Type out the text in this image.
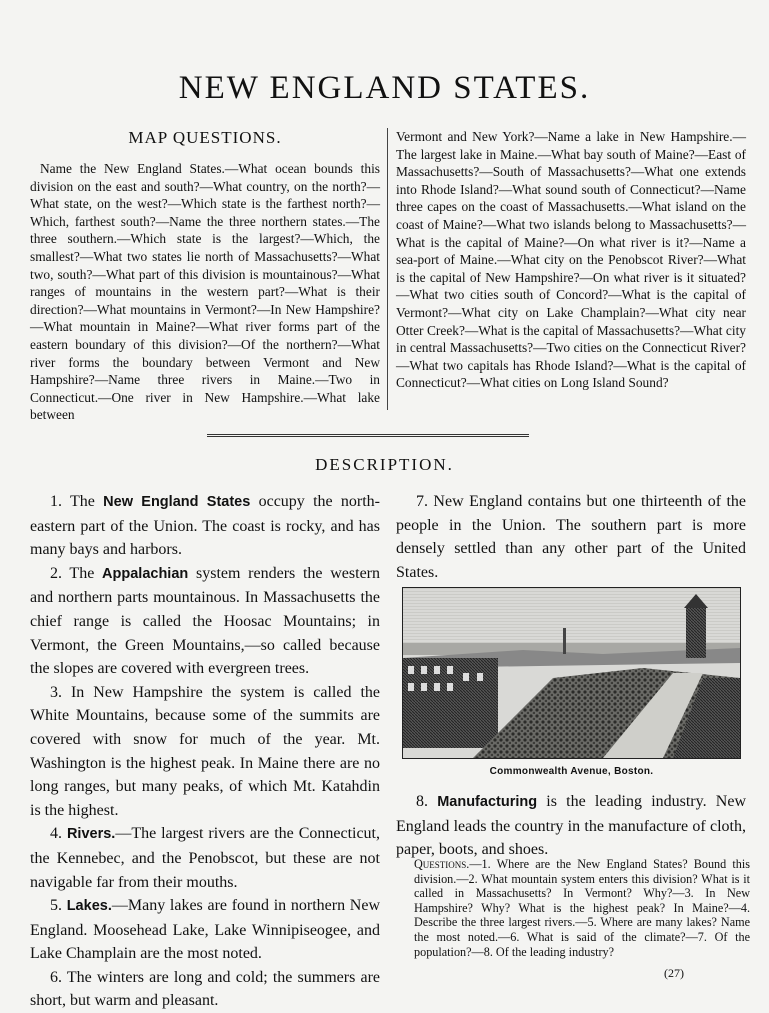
NEW ENGLAND STATES.
MAP QUESTIONS.
Name the New England States.—What ocean bounds this division on the east and south?—What country, on the north?—What state, on the west?—Which state is the farthest north?—Which, farthest south?—Name the three northern states.—The three southern.—Which state is the largest?—Which, the smallest?—What two states lie north of Massachusetts?—What two, south?—What part of this division is mountainous?—What ranges of mountains in the western part?—What is their direction?—What mountains in Vermont?—In New Hampshire?—What mountain in Maine?—What river forms part of the eastern boundary of this division?—Of the northern?—What river forms the boundary between Vermont and New Hampshire?—Name three rivers in Maine.—Two in Connecticut.—One river in New Hampshire.—What lake between
Vermont and New York?—Name a lake in New Hampshire.—The largest lake in Maine.—What bay south of Maine?—East of Massachusetts?—South of Massachusetts?—What one extends into Rhode Island?—What sound south of Connecticut?—Name three capes on the coast of Massachusetts.—What island on the coast of Maine?—What two islands belong to Massachusetts?—What is the capital of Maine?—On what river is it?—Name a sea-port of Maine.—What city on the Penobscot River?—What is the capital of New Hampshire?—On what river is it situated?—What two cities south of Concord?—What is the capital of Vermont?—What city on Lake Champlain?—What city near Otter Creek?—What is the capital of Massachusetts?—What city in central Massachusetts?—Two cities on the Connecticut River?—What two capitals has Rhode Island?—What is the capital of Connecticut?—What cities on Long Island Sound?
DESCRIPTION.

1. The New England States occupy the north-eastern part of the Union. The coast is rocky, and has many bays and harbors.

2. The Appalachian system renders the western and northern parts mountainous. In Massachusetts the chief range is called the Hoosac Mountains; in Vermont, the Green Mountains,—so called because the slopes are covered with evergreen trees.

3. In New Hampshire the system is called the White Mountains, because some of the summits are covered with snow for much of the year. Mt. Washington is the highest peak. In Maine there are no long ranges, but many peaks, of which Mt. Katahdin is the highest.

4. Rivers.—The largest rivers are the Connecticut, the Kennebec, and the Penobscot, but these are not navigable far from their mouths.

5. Lakes.—Many lakes are found in northern New England. Moosehead Lake, Lake Winnipiseogee, and Lake Champlain are the most noted.

6. The winters are long and cold; the summers are short, but warm and pleasant.

7. New England contains but one thirteenth of the people in the Union. The southern part is more densely settled than any other part of the United States.

Commonwealth Avenue, Boston.

8. Manufacturing is the leading industry. New England leads the country in the manufacture of cloth, paper, boots, and shoes.

Questions.—1. Where are the New England States? Bound this division.—2. What mountain system enters this division? What is it called in Massachusetts? In Vermont? Why?—3. In New Hampshire? Why? What is the highest peak? In Maine?—4. Describe the three largest rivers.—5. Where are many lakes? Name the most noted.—6. What is said of the climate?—7. Of the population?—8. Of the leading industry?
(27)
